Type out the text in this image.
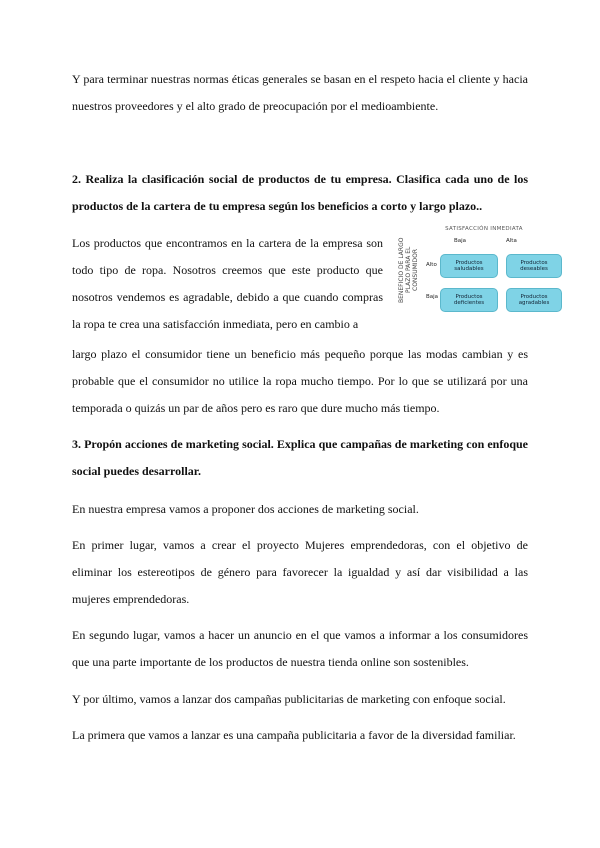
Y para terminar nuestras normas éticas generales se basan en el respeto hacia el cliente y hacia nuestros proveedores y el alto grado de preocupación por el medioambiente.

2. Realiza la clasificación social de productos de tu empresa. Clasifica cada uno de los productos de la cartera de tu empresa según los beneficios a corto y largo plazo..

Los productos que encontramos en la cartera de la empresa son todo tipo de ropa. Nosotros creemos que este producto que nosotros vendemos es agradable, debido a que cuando compras la ropa te crea una satisfacción inmediata, pero en cambio a

BENEFICIO DE LARGO PLAZO PARA EL CONSUMIDOR
SATISFACCIÓN INMEDIATA
Baja	Alta
Alto
Baja
Productos saludables
Productos deseables
Productos deficientes
Productos agradables

largo plazo el consumidor tiene un beneficio más pequeño porque las modas cambian y es probable que el consumidor no utilice la ropa mucho tiempo. Por lo que se utilizará por una temporada o quizás un par de años pero es raro que dure mucho más tiempo.

3. Propón acciones de marketing social. Explica que campañas de marketing con enfoque social puedes desarrollar.

En nuestra empresa vamos a proponer dos acciones de marketing social.

En primer lugar, vamos a crear el proyecto Mujeres emprendedoras, con el objetivo de eliminar los estereotipos de género para favorecer la igualdad y así dar visibilidad a las mujeres emprendedoras.

En segundo lugar, vamos a hacer un anuncio en el que vamos a informar a los consumidores que una parte importante de los productos de nuestra tienda online son sostenibles.

Y por último, vamos a lanzar dos campañas publicitarias de marketing con enfoque social.

La primera que vamos a lanzar es una campaña publicitaria a favor de la diversidad familiar.
